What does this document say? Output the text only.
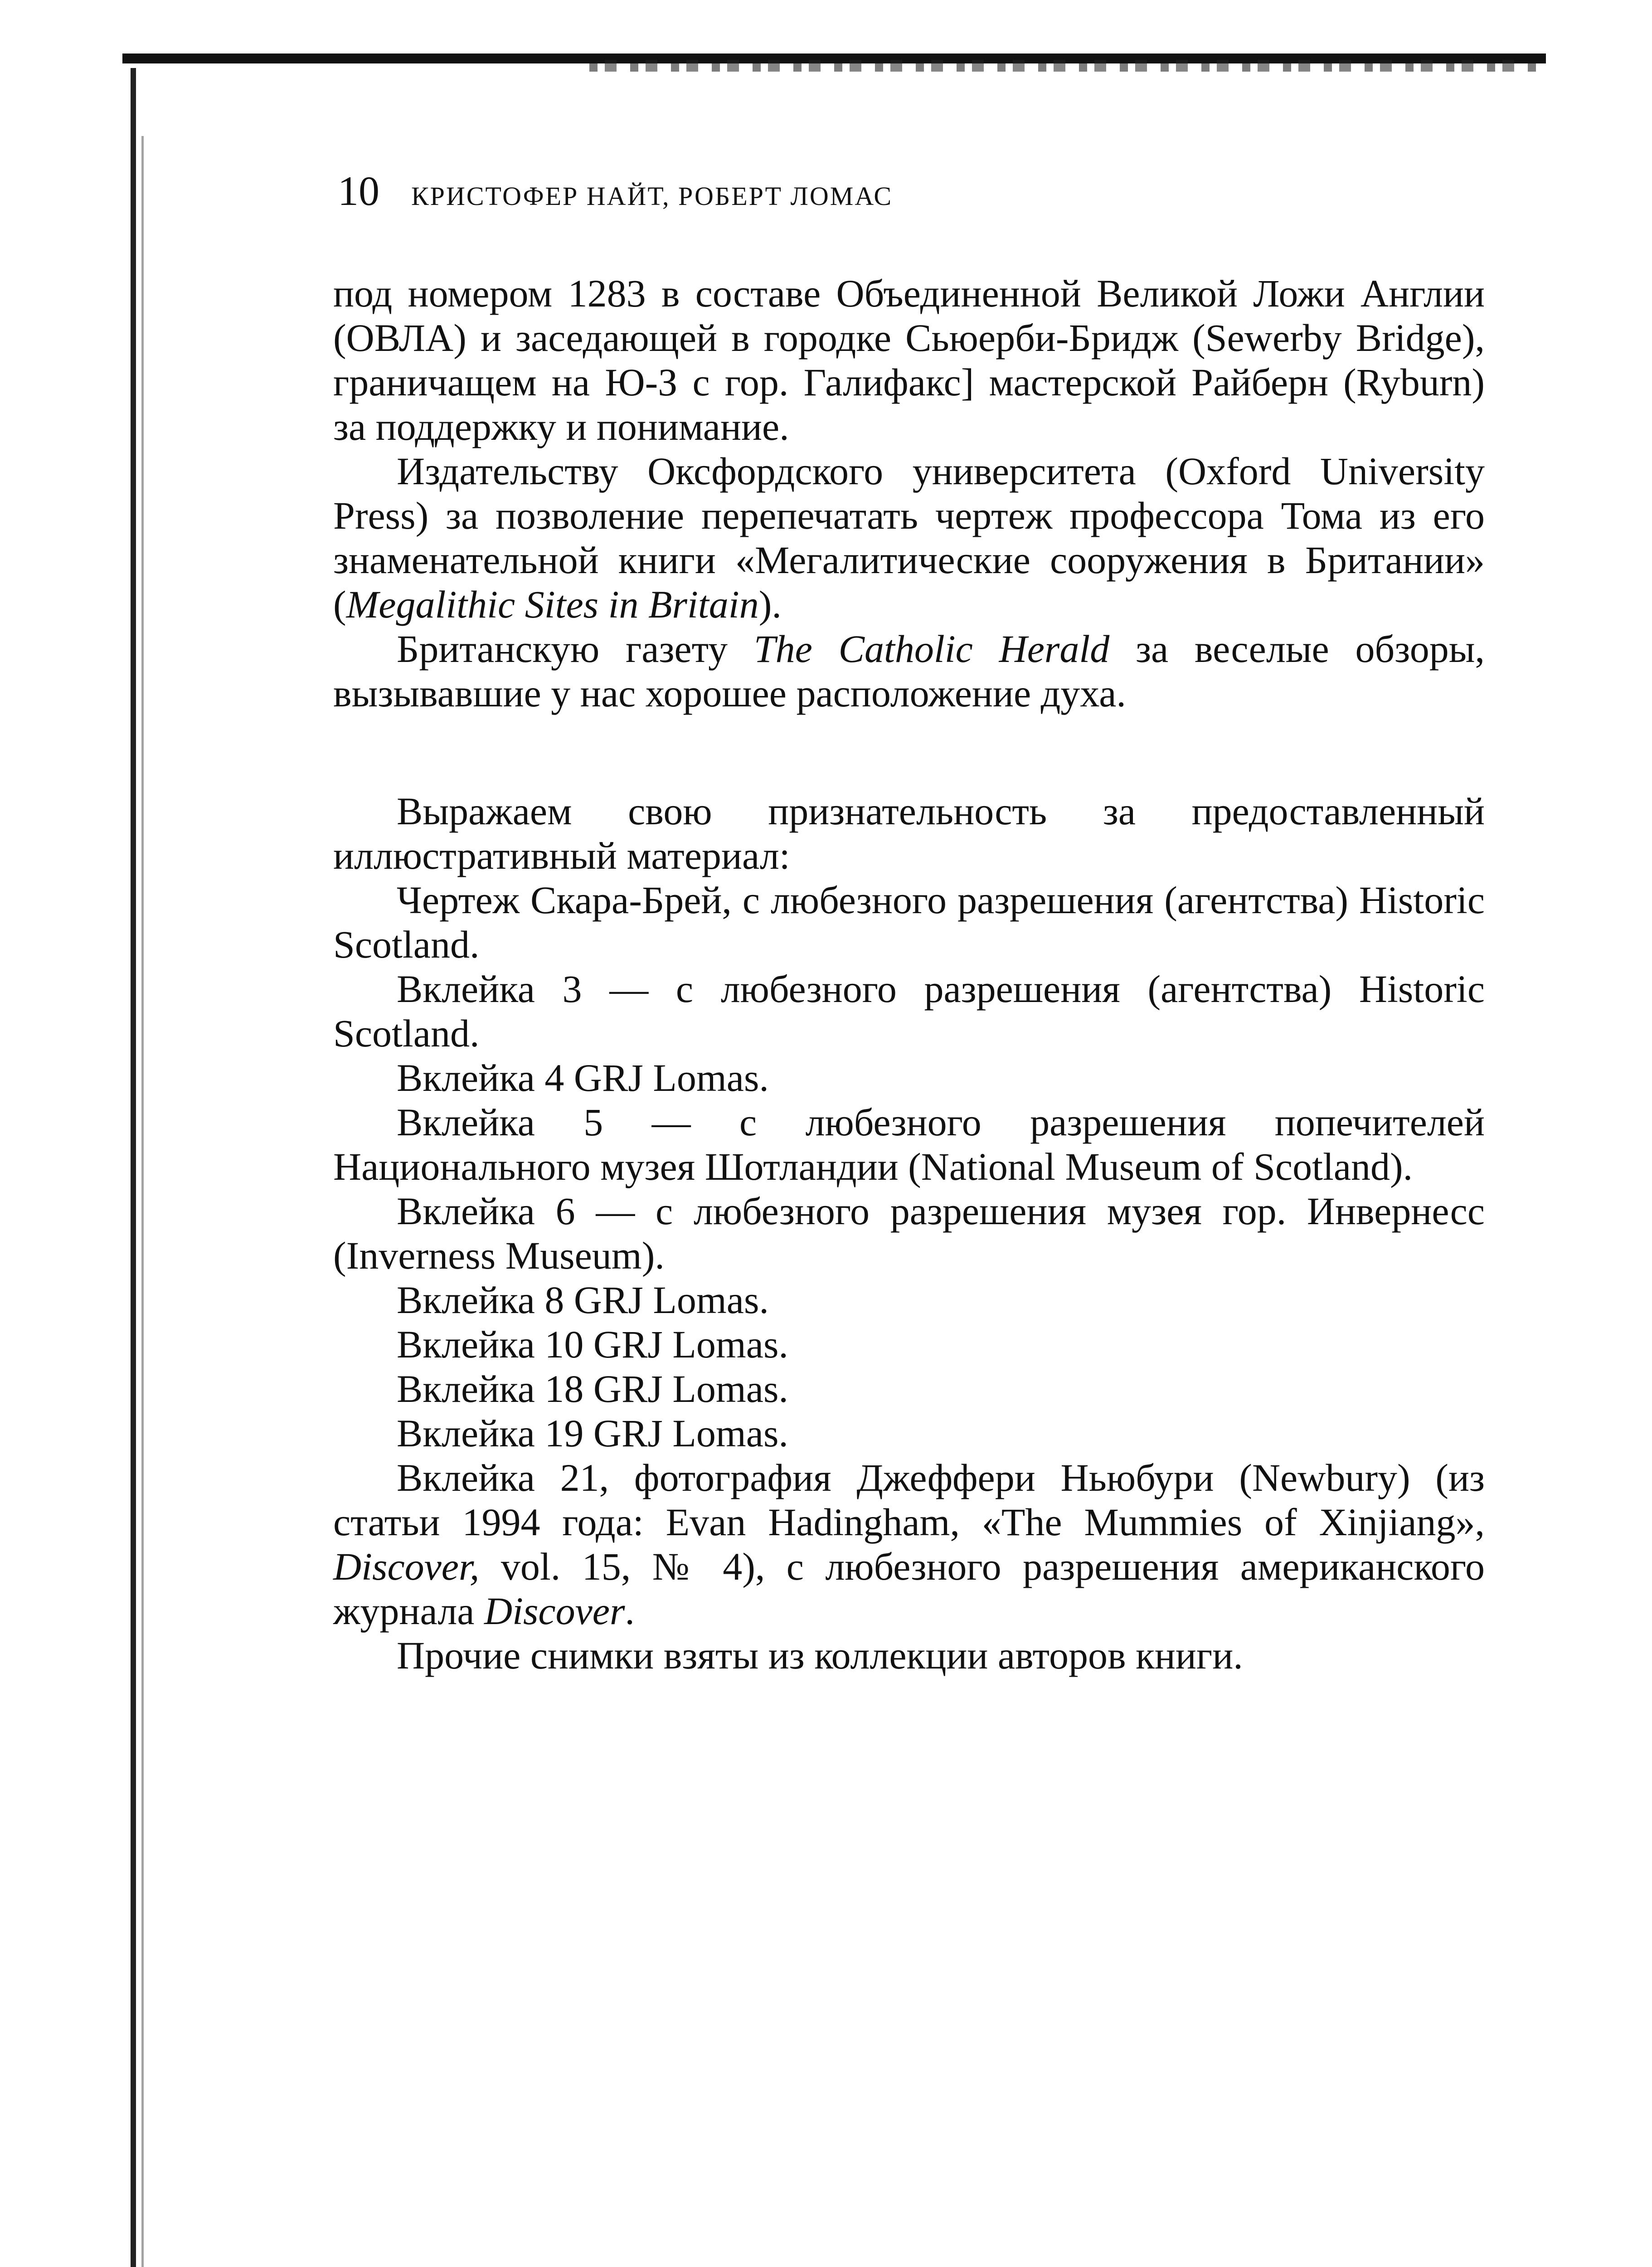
10 КРИСТОФЕР НАЙТ, РОБЕРТ ЛОМАС

под номером 1283 в составе Объединенной Великой Ложи Англии (ОВЛА) и заседающей в городке Сьюерби-Бридж (Sewerby Bridge), граничащем на Ю-З с гор. Галифакс] мастерской Райберн (Ryburn) за поддержку и понимание.

Издательству Оксфордского университета (Oxford University Press) за позволение перепечатать чертеж профессора Тома из его знаменательной книги «Мегалитические сооружения в Британии» (Megalithic Sites in Britain).

Британскую газету The Catholic Herald за веселые обзоры, вызывавшие у нас хорошее расположение духа.

Выражаем свою признательность за предоставленный иллюстративный материал:

Чертеж Скара-Брей, с любезного разрешения (агентства) Historic Scotland.

Вклейка 3 — с любезного разрешения (агентства) Historic Scotland.

Вклейка 4 GRJ Lomas.

Вклейка 5 — с любезного разрешения попечителей Национального музея Шотландии (National Museum of Scotland).

Вклейка 6 — с любезного разрешения музея гор. Инвернесс (Inverness Museum).

Вклейка 8 GRJ Lomas.

Вклейка 10 GRJ Lomas.

Вклейка 18 GRJ Lomas.

Вклейка 19 GRJ Lomas.

Вклейка 21, фотография Джеффери Ньюбури (Newbury) (из статьи 1994 года: Evan Hadingham, «The Mummies of Xinjiang», Discover, vol. 15, № 4), с любезного разрешения американского журнала Discover.

Прочие снимки взяты из коллекции авторов книги.
